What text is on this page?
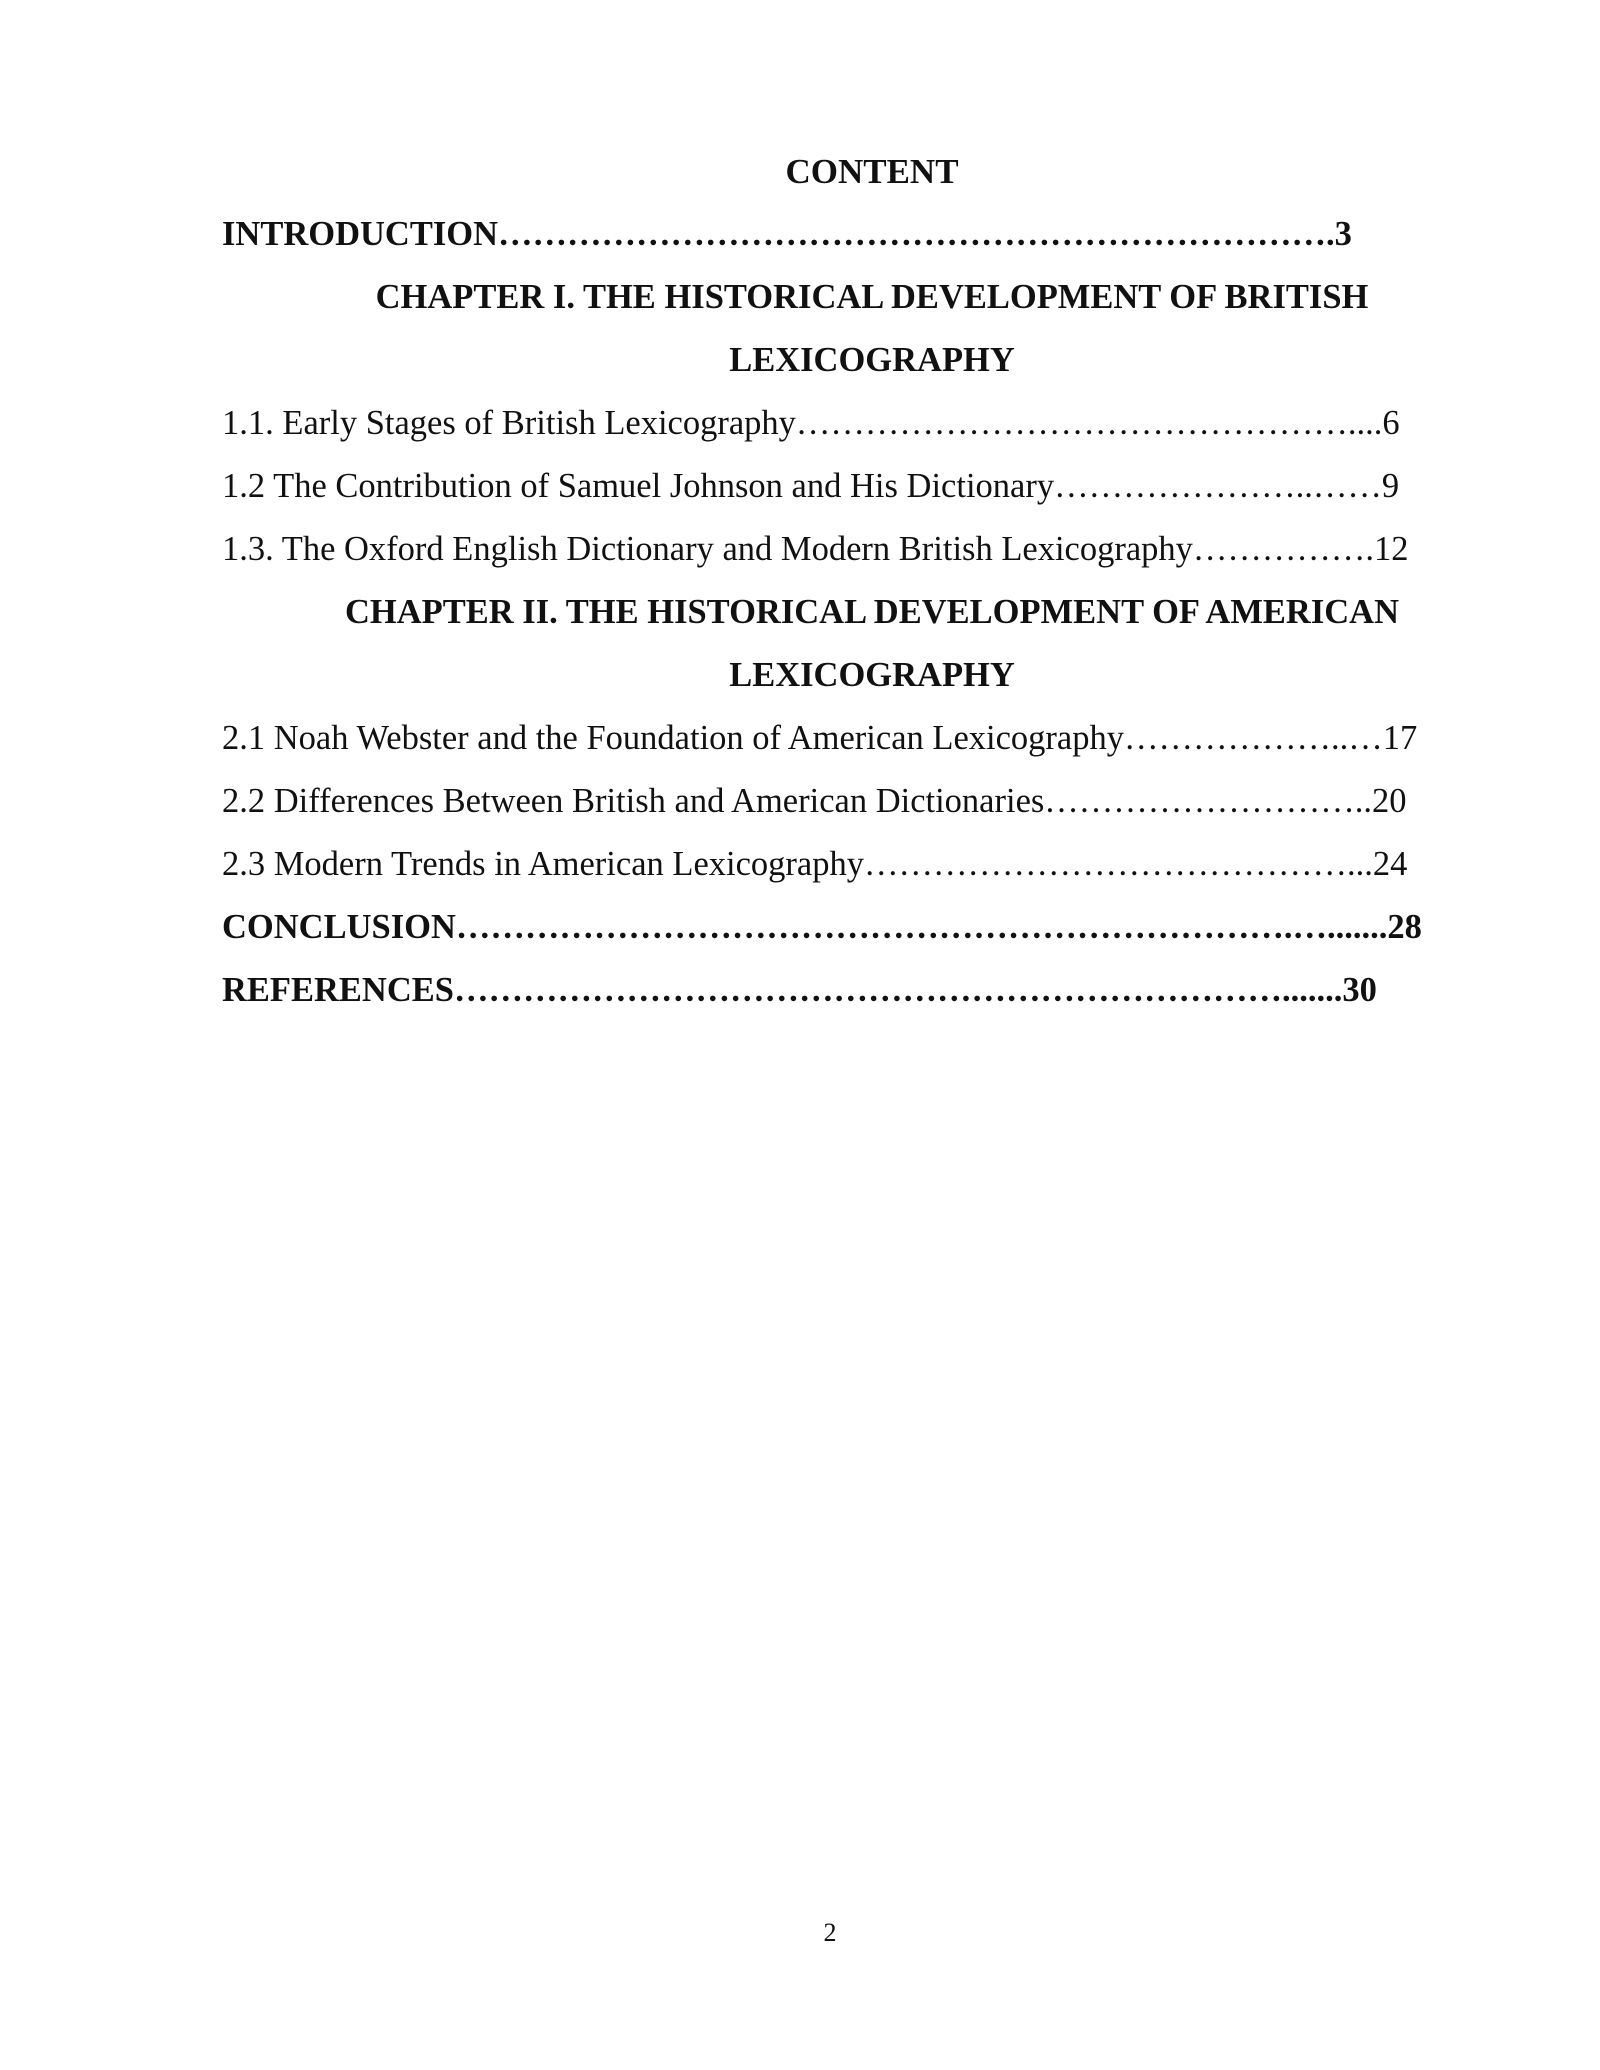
CONTENT
INTRODUCTION……………………………………………………………….3
CHAPTER I. THE HISTORICAL DEVELOPMENT OF BRITISH
LEXICOGRAPHY
1.1. Early Stages of British Lexicography…………………………………………....6
1.2 The Contribution of Samuel Johnson and His Dictionary…………………..……9
1.3. The Oxford English Dictionary and Modern British Lexicography…………….12
CHAPTER II. THE HISTORICAL DEVELOPMENT OF AMERICAN
LEXICOGRAPHY
2.1 Noah Webster and the Foundation of American Lexicography………………..…17
2.2 Differences Between British and American Dictionaries………………………..20
2.3 Modern Trends in American Lexicography……………………………………...24
CONCLUSION……………………………………………………………….….......28
REFERENCES……………………………………………………………….......30
2
